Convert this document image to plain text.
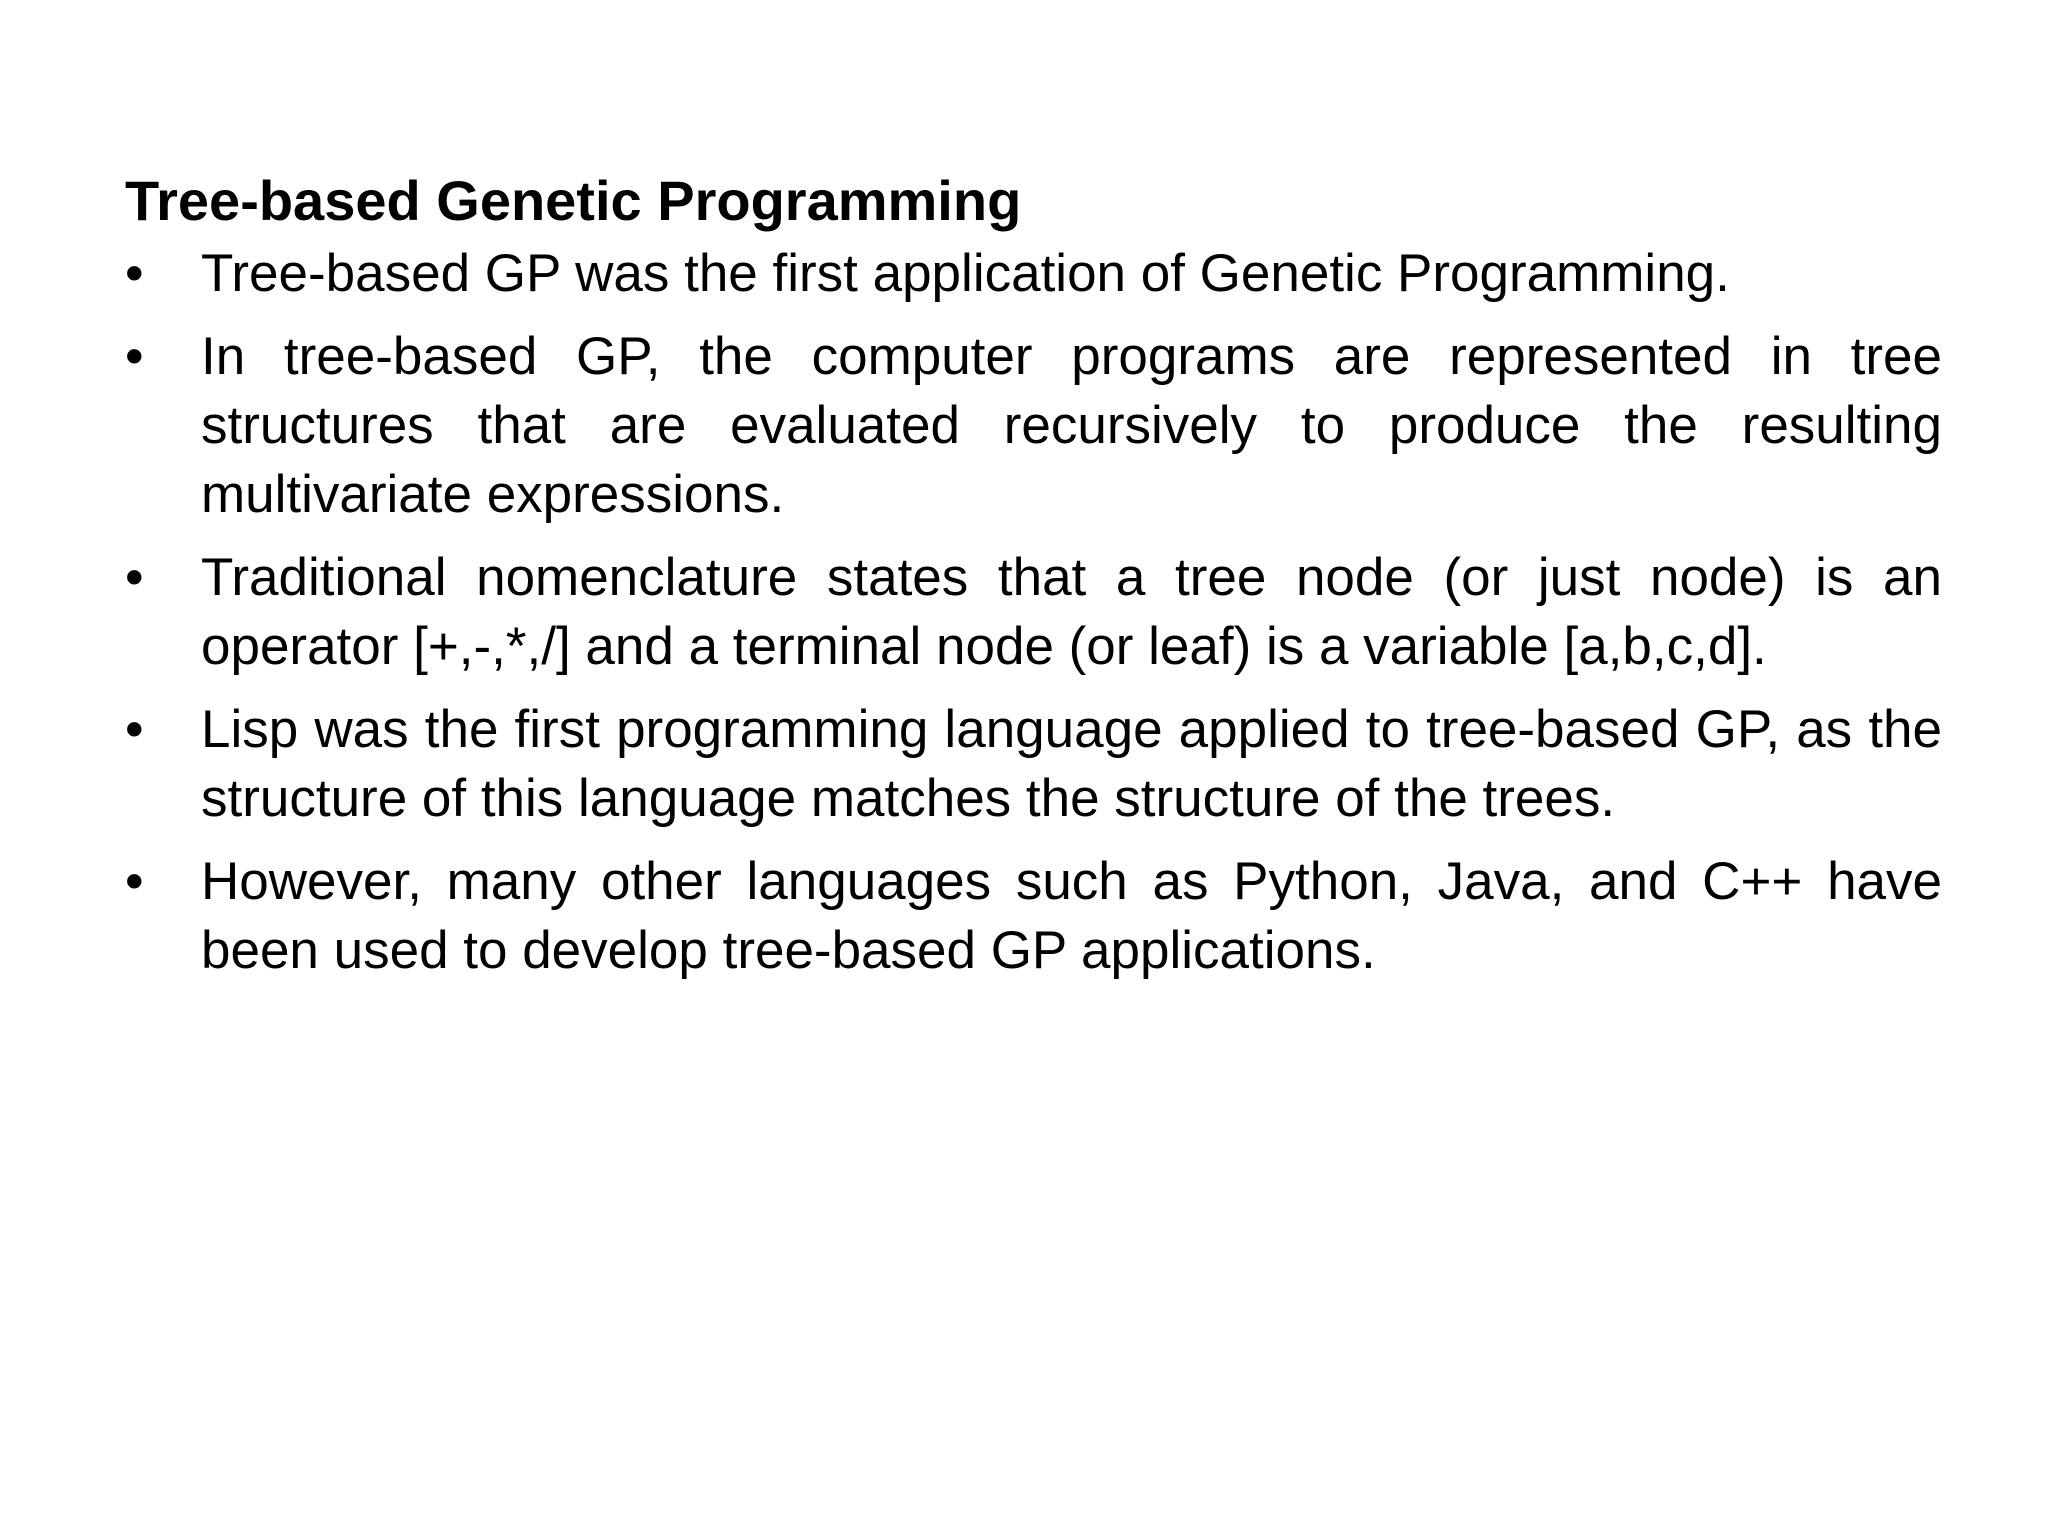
Tree-based Genetic Programming
• Tree-based GP was the first application of Genetic Programming.
• In tree-based GP, the computer programs are represented in tree structures that are evaluated recursively to produce the resulting multivariate expressions.
• Traditional nomenclature states that a tree node (or just node) is an operator [+,-,*,/] and a terminal node (or leaf) is a variable [a,b,c,d].
• Lisp was the first programming language applied to tree-based GP, as the structure of this language matches the structure of the trees.
• However, many other languages such as Python, Java, and C++ have been used to develop tree-based GP applications.
